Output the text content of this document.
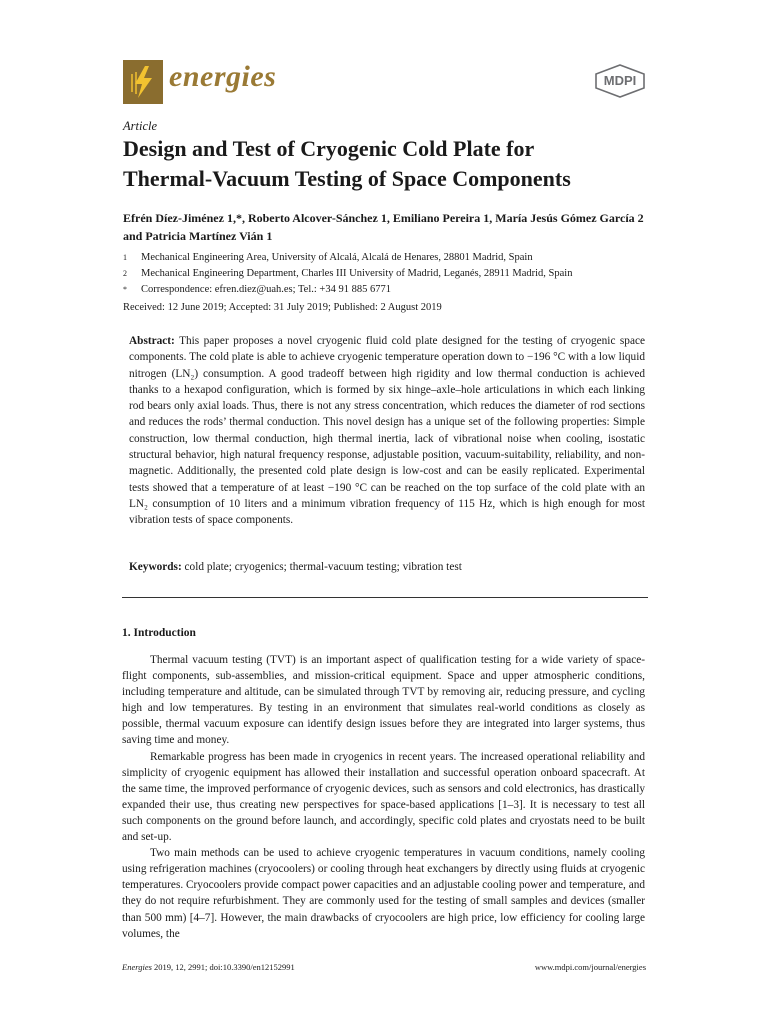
energies	MDPI
Article
Design and Test of Cryogenic Cold Plate for
Thermal-Vacuum Testing of Space Components
Efrén Díez-Jiménez 1,*, Roberto Alcover-Sánchez 1, Emiliano Pereira 1, María Jesús Gómez García 2
and Patricia Martínez Vián 1
1	Mechanical Engineering Area, University of Alcalá, Alcalá de Henares, 28801 Madrid, Spain
2	Mechanical Engineering Department, Charles III University of Madrid, Leganés, 28911 Madrid, Spain
*	Correspondence: efren.diez@uah.es; Tel.: +34 91 885 6771
Received: 12 June 2019; Accepted: 31 July 2019; Published: 2 August 2019

Abstract: This paper proposes a novel cryogenic fluid cold plate designed for the testing of cryogenic space components. The cold plate is able to achieve cryogenic temperature operation down to −196 °C with a low liquid nitrogen (LN₂) consumption. A good tradeoff between high rigidity and low thermal conduction is achieved thanks to a hexapod configuration, which is formed by six hinge–axle–hole articulations in which each linking rod bears only axial loads. Thus, there is not any stress concentration, which reduces the diameter of rod sections and reduces the rods’ thermal conduction. This novel design has a unique set of the following properties: Simple construction, low thermal conduction, high thermal inertia, lack of vibrational noise when cooling, isostatic structural behavior, high natural frequency response, adjustable position, vacuum-suitability, reliability, and non-magnetic. Additionally, the presented cold plate design is low-cost and can be easily replicated. Experimental tests showed that a temperature of at least −190 °C can be reached on the top surface of the cold plate with an LN₂ consumption of 10 liters and a minimum vibration frequency of 115 Hz, which is high enough for most vibration tests of space components.

Keywords: cold plate; cryogenics; thermal-vacuum testing; vibration test
1. Introduction

Thermal vacuum testing (TVT) is an important aspect of qualification testing for a wide variety of space-flight components, sub-assemblies, and mission-critical equipment. Space and upper atmospheric conditions, including temperature and altitude, can be simulated through TVT by removing air, reducing pressure, and cycling high and low temperatures. By testing in an environment that simulates real-world conditions as closely as possible, thermal vacuum exposure can identify design issues before they are integrated into larger systems, thus saving time and money.

Remarkable progress has been made in cryogenics in recent years. The increased operational reliability and simplicity of cryogenic equipment has allowed their installation and successful operation onboard spacecraft. At the same time, the improved performance of cryogenic devices, such as sensors and cold electronics, has drastically expanded their use, thus creating new perspectives for space-based applications [1–3]. It is necessary to test all such components on the ground before launch, and accordingly, specific cold plates and cryostats need to be built and set-up.

Two main methods can be used to achieve cryogenic temperatures in vacuum conditions, namely cooling using refrigeration machines (cryocoolers) or cooling through heat exchangers by directly using fluids at cryogenic temperatures. Cryocoolers provide compact power capacities and an adjustable cooling power and temperature, and they do not require refurbishment. They are commonly used for the testing of small samples and devices (smaller than 500 mm) [4–7]. However, the main drawbacks of cryocoolers are high price, low efficiency for cooling large volumes, the

Energies 2019, 12, 2991; doi:10.3390/en12152991	www.mdpi.com/journal/energies
